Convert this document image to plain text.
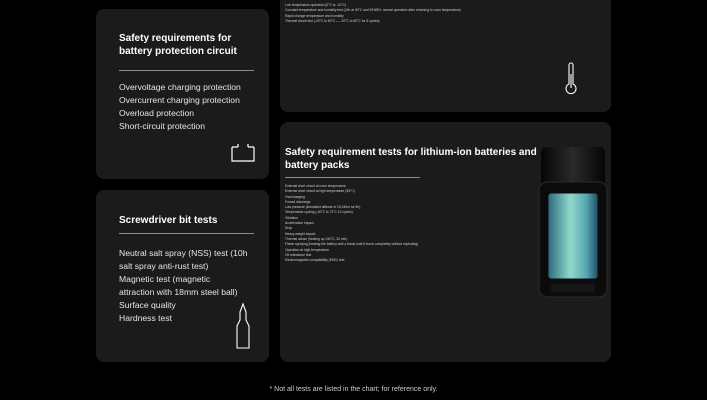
Safety requirements for
battery protection circuit
Overvoltage charging protection
Overcurrent charging protection
Overload protection
Short-circuit protection
Screwdriver bit tests
Neutral salt spray (NSS) test (10h
salt spray anti-rust test)
Magnetic test (magnetic
attraction with 18mm steel ball)
Surface quality
Hardness test
Low temperature operation (0°C to -10°C)
Constant temperature and humidity test (24h at 40°C and 93%RH, normal operation after returning to room temperature)
Rapid change temperature and humidity
Thermal shock test (-20°C to 60°C — -20°C to 60°C for 8 cycles)
Safety requirement tests for lithium-ion batteries and
battery packs
External short circuit at room temperature
External short circuit at high temperature (55°C)
Overcharging
Forced discharge
Low pressure (simulated altitude of 15,240m for 6h)
Temperature cycling (-40°C to 72°C 10 cycles)
Vibration
Acceleration impact
Drop
Heavy weight impact
Thermal abuse (heating up 130°C, 30 min)
Flame spraying (heating the battery with a flame until it burns completely without exploding)
Operation at high temperature
Oil resistance test
Electromagnetic compatibility (EMC) test
* Not all tests are listed in the chart; for reference only.
